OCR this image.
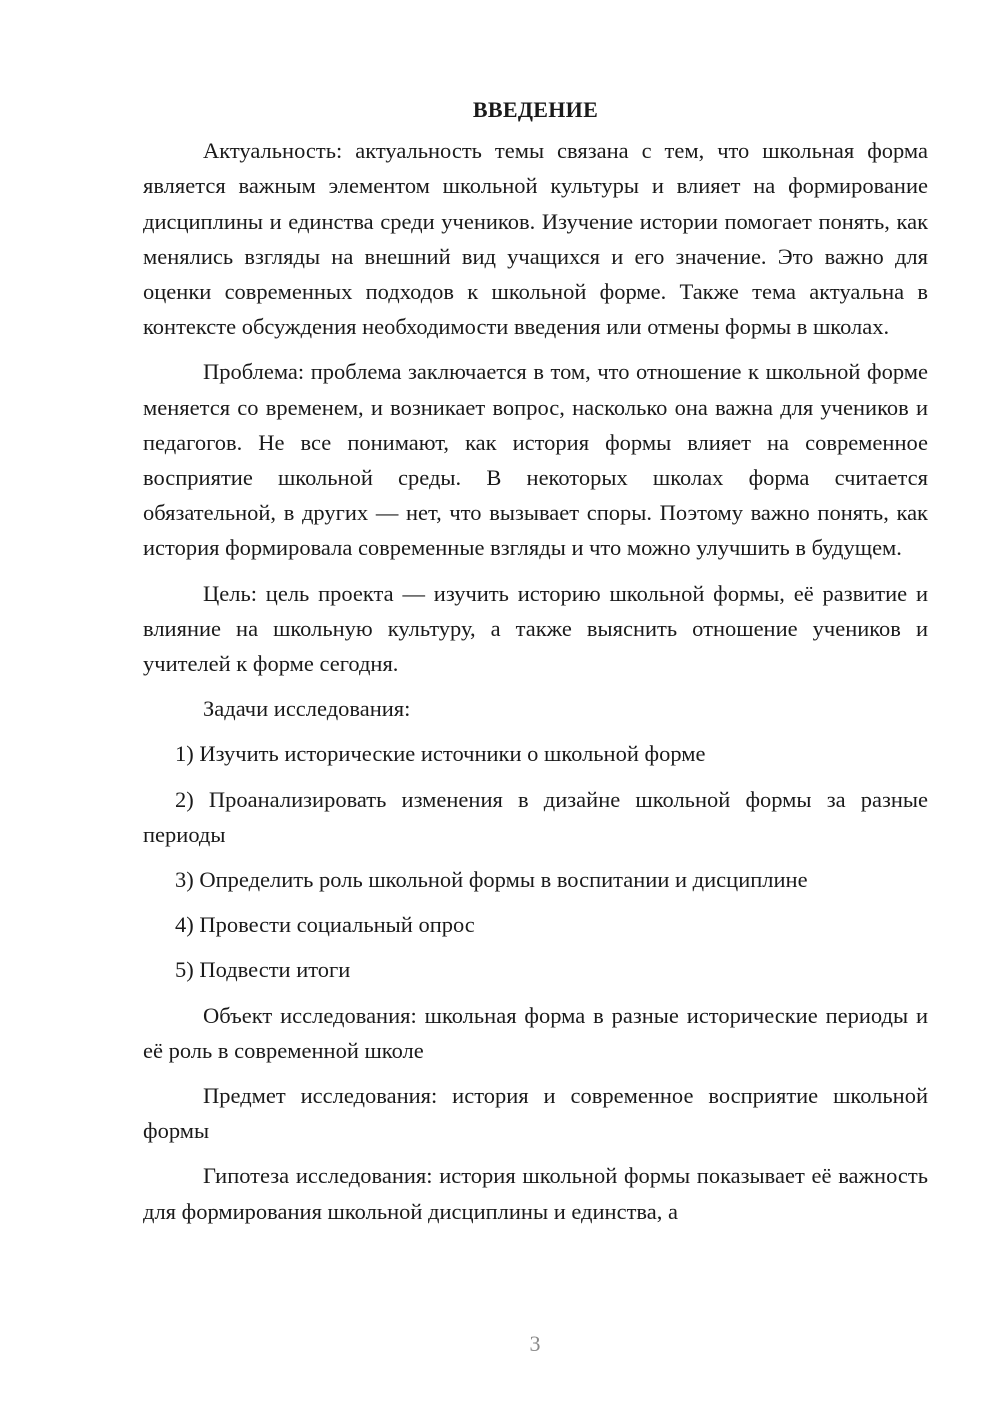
ВВЕДЕНИЕ

Актуальность: актуальность темы связана с тем, что школьная форма является важным элементом школьной культуры и влияет на формирование дисциплины и единства среди учеников. Изучение истории помогает понять, как менялись взгляды на внешний вид учащихся и его значение. Это важно для оценки современных подходов к школьной форме. Также тема актуальна в контексте обсуждения необходимости введения или отмены формы в школах.

Проблема: проблема заключается в том, что отношение к школьной форме меняется со временем, и возникает вопрос, насколько она важна для учеников и педагогов. Не все понимают, как история формы влияет на современное восприятие школьной среды. В некоторых школах форма считается обязательной, в других — нет, что вызывает споры. Поэтому важно понять, как история формировала современные взгляды и что можно улучшить в будущем.

Цель: цель проекта — изучить историю школьной формы, её развитие и влияние на школьную культуру, а также выяснить отношение учеников и учителей к форме сегодня.

Задачи исследования:

1) Изучить исторические источники о школьной форме

2) Проанализировать изменения в дизайне школьной формы за разные периоды

3) Определить роль школьной формы в воспитании и дисциплине

4) Провести социальный опрос

5) Подвести итоги

Объект исследования: школьная форма в разные исторические периоды и её роль в современной школе

Предмет исследования: история и современное восприятие школьной формы

Гипотеза исследования: история школьной формы показывает её важность для формирования школьной дисциплины и единства, а

3
